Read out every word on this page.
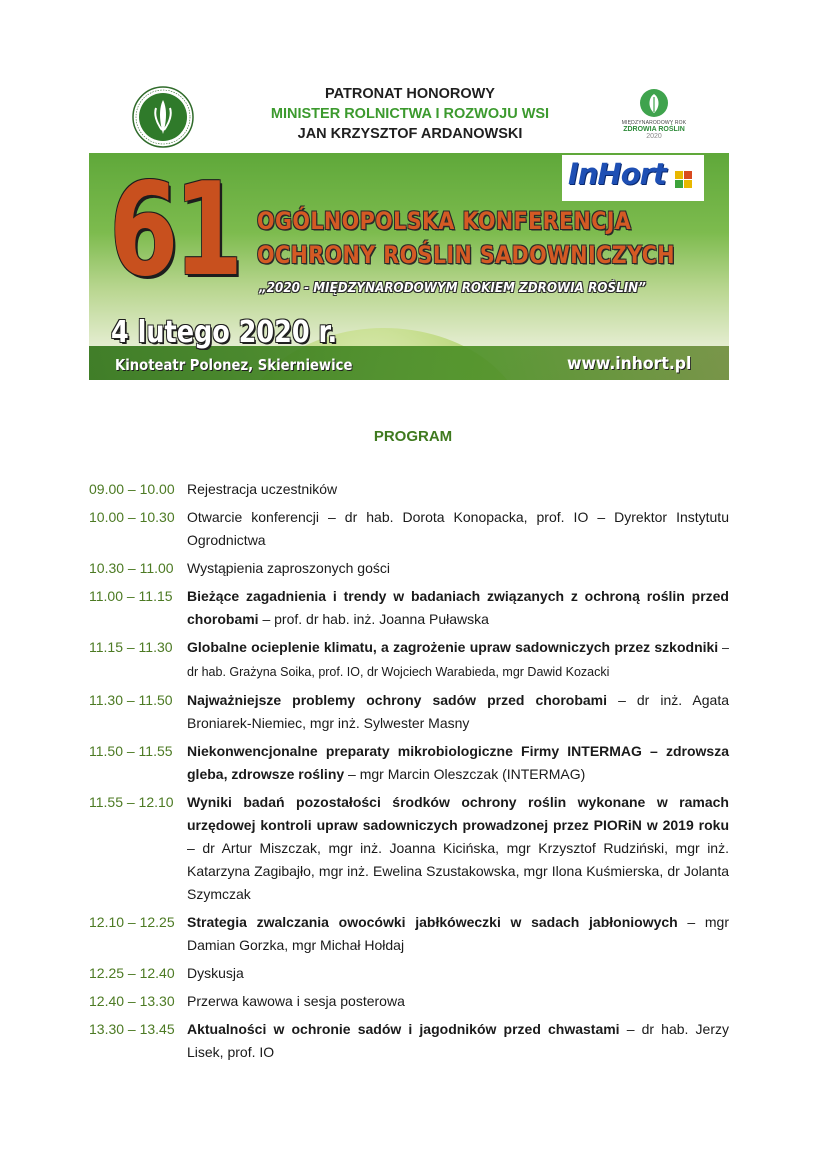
PATRONAT HONOROWY
MINISTER ROLNICTWA I ROZWOJU WSI
JAN KRZYSZTOF ARDANOWSKI
MIĘDZYNARODOWY ROK
ZDROWIA ROŚLIN
2020
61 OGÓLNOPOLSKA KONFERENCJA
OCHRONY ROŚLIN SADOWNICZYCH
„2020 - MIĘDZYNARODOWYM ROKIEM ZDROWIA ROŚLIN”
4 lutego 2020 r.
Kinoteatr Polonez, Skierniewice	www.inhort.pl
InHort
PROGRAM
09.00 – 10.00 Rejestracja uczestników
10.00 – 10.30 Otwarcie konferencji – dr hab. Dorota Konopacka, prof. IO – Dyrektor Instytutu Ogrodnictwa
10.30 – 11.00 Wystąpienia zaproszonych gości
11.00 – 11.15	Bieżące zagadnienia i trendy w badaniach związanych z ochroną roślin przed chorobami – prof. dr hab. inż. Joanna Puławska
11.15 – 11.30	Globalne ocieplenie klimatu, a zagrożenie upraw sadowniczych przez szkodniki – dr hab. Grażyna Soika, prof. IO, dr Wojciech Warabieda, mgr Dawid Kozacki
11.30 – 11.50	Najważniejsze problemy ochrony sadów przed chorobami – dr inż. Agata Broniarek-Niemiec, mgr inż. Sylwester Masny
11.50 – 11.55	Niekonwencjonalne preparaty mikrobiologiczne Firmy INTERMAG – zdrowsza gleba, zdrowsze rośliny – mgr Marcin Oleszczak (INTERMAG)
11.55 – 12.10 Wyniki badań pozostałości środków ochrony roślin wykonane w ramach urzędowej kontroli upraw sadowniczych prowadzonej przez PIORiN w 2019 roku – dr Artur Miszczak, mgr inż. Joanna Kicińska, mgr Krzysztof Rudziński, mgr inż. Katarzyna Zagibajło, mgr inż. Ewelina Szustakowska, mgr Ilona Kuśmierska, dr Jolanta Szymczak
12.10 – 12.25 Strategia zwalczania owocówki jabłkóweczki w sadach jabłoniowych – mgr Damian Gorzka, mgr Michał Hołdaj
12.25 – 12.40 Dyskusja
12.40 – 13.30 Przerwa kawowa i sesja posterowa
13.30 – 13.45 Aktualności w ochronie sadów i jagodników przed chwastami – dr hab. Jerzy Lisek, prof. IO
